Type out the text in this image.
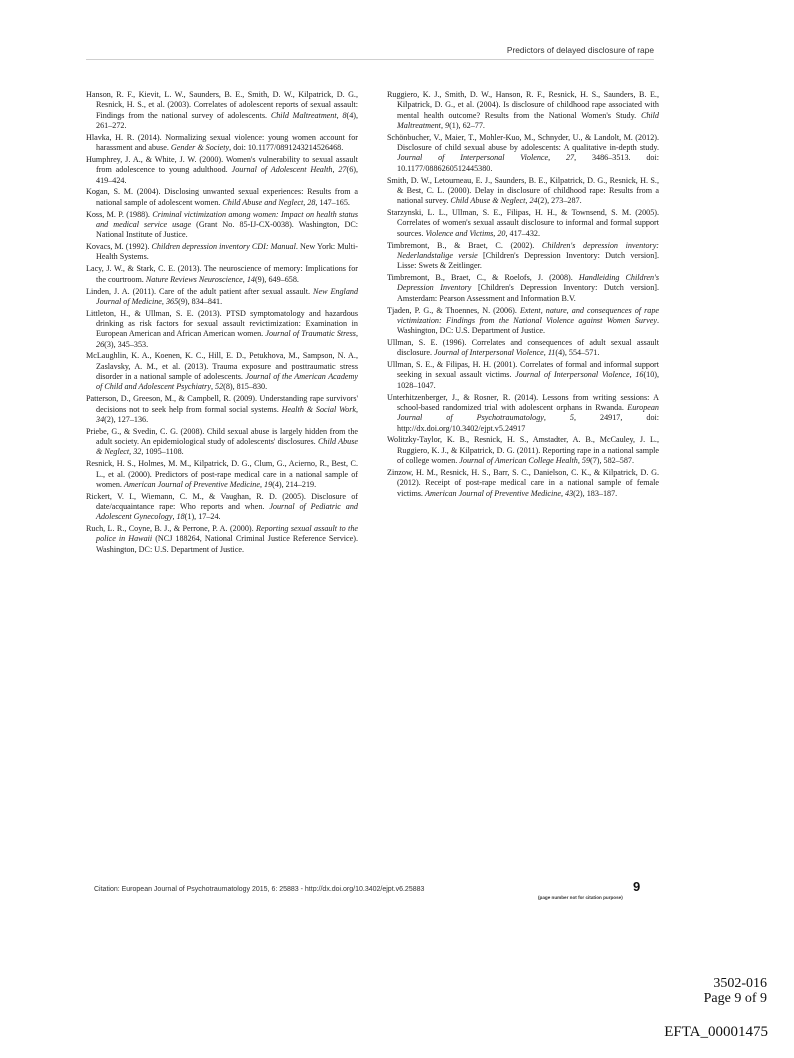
Predictors of delayed disclosure of rape

Hanson, R. F., Kievit, L. W., Saunders, B. E., Smith, D. W., Kilpatrick, D. G., Resnick, H. S., et al. (2003). Correlates of adolescent reports of sexual assault: Findings from the national survey of adolescents. Child Maltreatment, 8(4), 261–272.

Hlavka, H. R. (2014). Normalizing sexual violence: young women account for harassment and abuse. Gender & Society, doi: 10.1177/0891243214526468.

Humphrey, J. A., & White, J. W. (2000). Women's vulnerability to sexual assault from adolescence to young adulthood. Journal of Adolescent Health, 27(6), 419–424.

Kogan, S. M. (2004). Disclosing unwanted sexual experiences: Results from a national sample of adolescent women. Child Abuse and Neglect, 28, 147–165.

Koss, M. P. (1988). Criminal victimization among women: Impact on health status and medical service usage (Grant No. 85-IJ-CX-0038). Washington, DC: National Institute of Justice.

Kovacs, M. (1992). Children depression inventory CDI: Manual. New York: Multi-Health Systems.

Lacy, J. W., & Stark, C. E. (2013). The neuroscience of memory: Implications for the courtroom. Nature Reviews Neuroscience, 14(9), 649–658.

Linden, J. A. (2011). Care of the adult patient after sexual assault. New England Journal of Medicine, 365(9), 834–841.

Littleton, H., & Ullman, S. E. (2013). PTSD symptomatology and hazardous drinking as risk factors for sexual assault revictimization: Examination in European American and African American women. Journal of Traumatic Stress, 26(3), 345–353.

McLaughlin, K. A., Koenen, K. C., Hill, E. D., Petukhova, M., Sampson, N. A., Zaslavsky, A. M., et al. (2013). Trauma exposure and posttraumatic stress disorder in a national sample of adolescents. Journal of the American Academy of Child and Adolescent Psychiatry, 52(8), 815–830.

Patterson, D., Greeson, M., & Campbell, R. (2009). Understanding rape survivors' decisions not to seek help from formal social systems. Health & Social Work, 34(2), 127–136.

Priebe, G., & Svedin, C. G. (2008). Child sexual abuse is largely hidden from the adult society. An epidemiological study of adolescents' disclosures. Child Abuse & Neglect, 32, 1095–1108.

Resnick, H. S., Holmes, M. M., Kilpatrick, D. G., Clum, G., Acierno, R., Best, C. L., et al. (2000). Predictors of post-rape medical care in a national sample of women. American Journal of Preventive Medicine, 19(4), 214–219.

Rickert, V. I., Wiemann, C. M., & Vaughan, R. D. (2005). Disclosure of date/acquaintance rape: Who reports and when. Journal of Pediatric and Adolescent Gynecology, 18(1), 17–24.

Ruch, L. R., Coyne, B. J., & Perrone, P. A. (2000). Reporting sexual assault to the police in Hawaii (NCJ 188264, National Criminal Justice Reference Service). Washington, DC: U.S. Department of Justice.

Ruggiero, K. J., Smith, D. W., Hanson, R. F., Resnick, H. S., Saunders, B. E., Kilpatrick, D. G., et al. (2004). Is disclosure of childhood rape associated with mental health outcome? Results from the National Women's Study. Child Maltreatment, 9(1), 62–77.

Schönbucher, V., Maier, T., Mohler-Kuo, M., Schnyder, U., & Landolt, M. (2012). Disclosure of child sexual abuse by adolescents: A qualitative in-depth study. Journal of Interpersonal Violence, 27, 3486–3513. doi: 10.1177/0886260512445380.

Smith, D. W., Letourneau, E. J., Saunders, B. E., Kilpatrick, D. G., Resnick, H. S., & Best, C. L. (2000). Delay in disclosure of childhood rape: Results from a national survey. Child Abuse & Neglect, 24(2), 273–287.

Starzynski, L. L., Ullman, S. E., Filipas, H. H., & Townsend, S. M. (2005). Correlates of women's sexual assault disclosure to informal and formal support sources. Violence and Victims, 20, 417–432.

Timbremont, B., & Braet, C. (2002). Children's depression inventory: Nederlandstalige versie [Children's Depression Inventory: Dutch version]. Lisse: Swets & Zeitlinger.

Timbremont, B., Braet, C., & Roelofs, J. (2008). Handleiding Children's Depression Inventory [Children's Depression Inventory: Dutch version]. Amsterdam: Pearson Assessment and Information B.V.

Tjaden, P. G., & Thoennes, N. (2006). Extent, nature, and consequences of rape victimization: Findings from the National Violence against Women Survey. Washington, DC: U.S. Department of Justice.

Ullman, S. E. (1996). Correlates and consequences of adult sexual assault disclosure. Journal of Interpersonal Violence, 11(4), 554–571.

Ullman, S. E., & Filipas, H. H. (2001). Correlates of formal and informal support seeking in sexual assault victims. Journal of Interpersonal Violence, 16(10), 1028–1047.

Unterhitzenberger, J., & Rosner, R. (2014). Lessons from writing sessions: A school-based randomized trial with adolescent orphans in Rwanda. European Journal of Psychotraumatology, 5, 24917, doi: http://dx.doi.org/10.3402/ejpt.v5.24917

Wolitzky-Taylor, K. B., Resnick, H. S., Amstadter, A. B., McCauley, J. L., Ruggiero, K. J., & Kilpatrick, D. G. (2011). Reporting rape in a national sample of college women. Journal of American College Health, 59(7), 582–587.

Zinzow, H. M., Resnick, H. S., Barr, S. C., Danielson, C. K., & Kilpatrick, D. G. (2012). Receipt of post-rape medical care in a national sample of female victims. American Journal of Preventive Medicine, 43(2), 183–187.

Citation: European Journal of Psychotraumatology 2015, 6: 25883 - http://dx.doi.org/10.3402/ejpt.v6.25883	9
(page number not for citation purpose)
3502-016
Page 9 of 9
EFTA_00001475
